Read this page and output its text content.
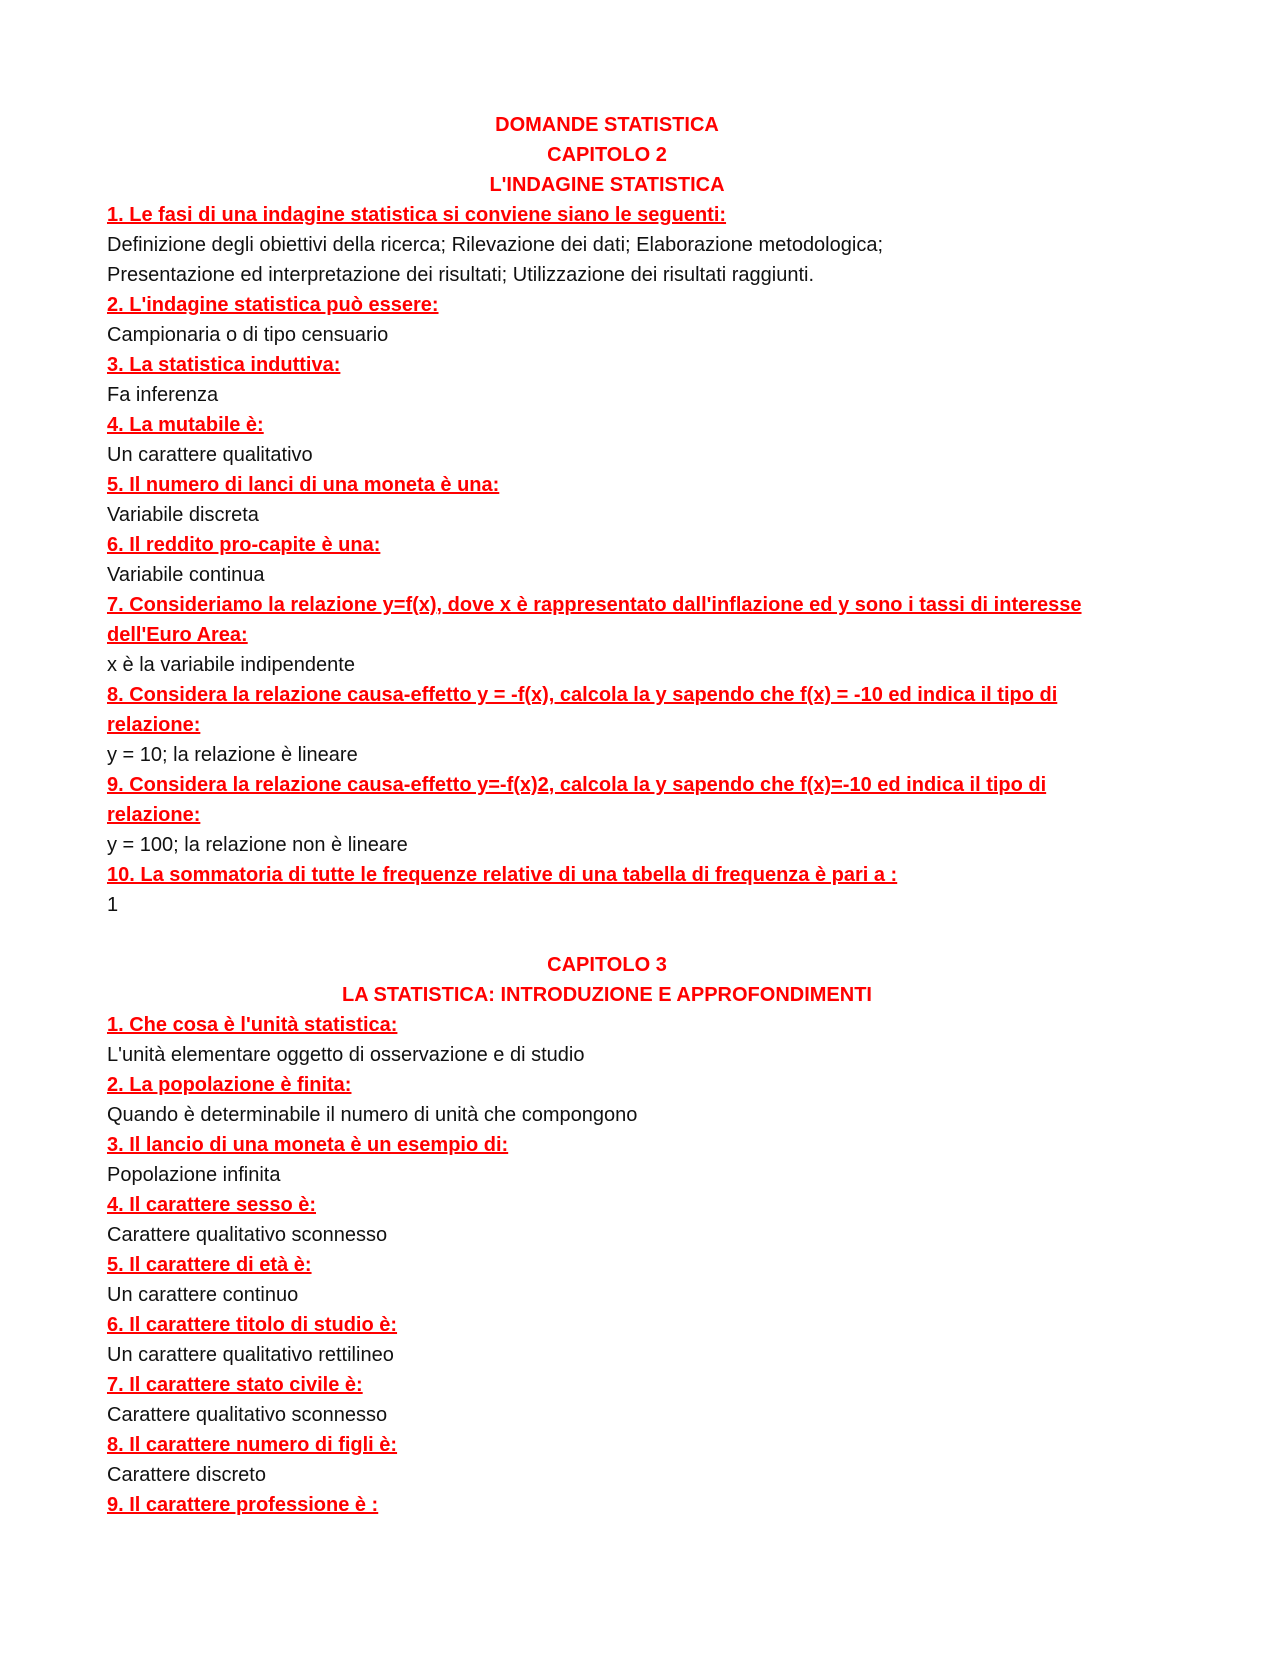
DOMANDE STATISTICA
CAPITOLO 2
L'INDAGINE STATISTICA
1. Le fasi di una indagine statistica si conviene siano le seguenti:
Definizione degli obiettivi della ricerca; Rilevazione dei dati; Elaborazione metodologica;
Presentazione ed interpretazione dei risultati; Utilizzazione dei risultati raggiunti.
2. L'indagine statistica può essere:
Campionaria o di tipo censuario
3. La statistica induttiva:
Fa inferenza
4. La mutabile è:
Un carattere qualitativo
5. Il numero di lanci di una moneta è una:
Variabile discreta
6. Il reddito pro-capite è una:
Variabile continua
7. Consideriamo la relazione y=f(x), dove x è rappresentato dall'inflazione ed y sono i tassi di interesse dell'Euro Area:
x è la variabile indipendente
8. Considera la relazione causa-effetto y = -f(x), calcola la y sapendo che f(x) = -10 ed indica il tipo di relazione:
y = 10; la relazione è lineare
9. Considera la relazione causa-effetto y=-f(x)2, calcola la y sapendo che f(x)=-10 ed indica il tipo di relazione:
y = 100; la relazione non è lineare
10. La sommatoria di tutte le frequenze relative di una tabella di frequenza è pari a :
1
CAPITOLO 3
LA STATISTICA: INTRODUZIONE E APPROFONDIMENTI
1. Che cosa è l'unità statistica:
L'unità elementare oggetto di osservazione e di studio
2. La popolazione è finita:
Quando è determinabile il numero di unità che compongono
3. Il lancio di una moneta è un esempio di:
Popolazione infinita
4. Il carattere sesso è:
Carattere qualitativo sconnesso
5. Il carattere di età è:
Un carattere continuo
6. Il carattere titolo di studio è:
Un carattere qualitativo rettilineo
7. Il carattere stato civile è:
Carattere qualitativo sconnesso
8. Il carattere numero di figli è:
Carattere discreto
9. Il carattere professione è :
